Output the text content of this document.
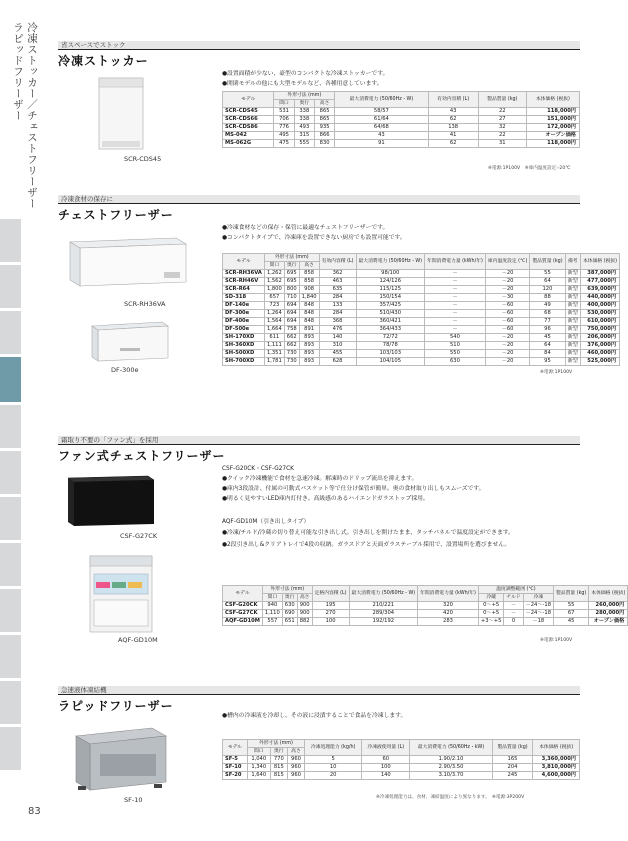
冷凍ストッカー／チェストフリーザー
ラピッドフリーザー
83
省スペースでストック
冷凍ストッカー
SCR-CDS45
●設置面積が少ない、豪型のコンパクトな冷凍ストッカーです。
●開閉モデルの他にも大型モデルなど、各種用意しています。
モデル	外形寸法 (mm)			最大消費電力 (50/60Hz・W)	有効内容積 (L)	製品質量 (kg)	本体価格 (税抜)
	間口	奥行	高さ				
SCR-CDS45	531	338	865	58/57	43	22	118,000円
SCR-CDS66	706	338	865	61/64	62	27	151,000円
SCR-CDS86	776	493	935	64/68	138	32	172,000円
MS-042	495	315	866	43	41	22	オープン価格
MS-062G	475	555	830	91	62	31	118,000円
※電源:1P100V　※庫内温度設定:-20℃
冷凍食材の保存に
チェストフリーザー
SCR-RH36VA
DF-300e
●冷凍食材などの保存・保管に最適なチェストフリーザーです。
●コンパクトタイプで、冷凍庫を設置できない厨房でも設置可能です。
モデル	外形寸法 (mm)			有効内容積 (L)	最大消費電力 (50/60Hz・W)	年間消費電力量 (kWh/年)	庫内温度設定 (℃)	製品質量 (kg)	備考	本体価格 (税抜)
	間口	奥行	高さ							
SCR-RH36VA	1,262	695	858	362	98/100	－	－20	55	新型	387,000円
SCR-RH46V	1,562	695	858	463	124/126	－	－20	64	新型	477,000円
SCR-R64	1,800	800	908	635	115/125	－	－20	120	新型	639,000円
SD-318	657	710	1,840	284	150/154	－	－30	88	新型	440,000円
DF-140e	723	694	848	133	357/425	－	－60	49	新型	400,000円
DF-300e	1,264	694	848	284	510/430	－	－60	68	新型	530,000円
DF-400e	1,564	694	848	368	360/421	－	－60	77	新型	610,000円
DF-500e	1,664	758	891	476	364/433	－	－60	96	新型	750,000円
SH-170XD	611	662	893	140	72/72	540	－20	45	新型	206,000円
SH-360XD	1,111	662	893	310	78/78	510	－20	64	新型	376,000円
SH-500XD	1,351	730	893	455	103/103	550	－20	84	新型	460,000円
SH-700XD	1,781	730	893	628	104/105	630	－20	95	新型	525,000円
※電源:1P100V
霜取り不要の「ファン式」を採用
ファン式チェストフリーザー
CSF-G27CK
AQF-GD10M
CSF-G20CK・CSF-G27CK
●クイック冷凍機能で食材を急速冷凍。解凍時のドリップ流出を抑えます。
●庫内3段設計、付属の可動式バスケット等で仕分け保管が簡単。奥の食材取り出しもスムーズです。
●明るく見やすいLED庫内灯付き。高級感のあるハイエンドガラストップ採用。
AQF-GD10M（引き出しタイプ）
●冷凍/チルド/冷蔵の切り替え可能な引き出し式。引き出しを開けたまま、タッチパネルで温度設定ができます。
●2段引き出し&クリアトレイで4段の収納。ガラスドアと天面ガラステーブル採用で、設置場所を選びません。
モデル	外形寸法 (mm)			定格内容積 (L)	最大消費電力 (50/60Hz・W)	年間消費電力量 (kWh/年)	温度調整範囲 (℃)			製品質量 (kg)	本体価格 (税抜)
	間口	奥行	高さ				冷蔵	チルド	冷凍		
CSF-G20CK	940	630	900	195	210/221	320	0～+5	－	－24～-18	55	260,000円
CSF-G27CK	1,110	690	900	270	289/304	420	0～+5	－	－24～-18	67	280,000円
AQF-GD10M	557	651	882	100	192/192	283	+3～+5	0	－18	45	オープン価格
※電源:1P100V
急速液体凍結機
ラピッドフリーザー
SF-10
●槽内の冷凍液を冷却し、その液に浸漬することで食品を冷凍します。
モデル	外形寸法 (mm)			冷凍処理能力 (kg/h)	冷凍液使用量 (L)	最大消費電力 (50/60Hz・kW)	製品質量 (kg)	本体価格 (税抜)
	間口	奥行	高さ					
SF-5	1,040	770	960	5	60	1.90/2.10	165	3,360,000円
SF-10	1,340	815	960	10	100	2.90/3.50	204	3,810,000円
SF-20	1,640	815	960	20	140	3.10/3.70	245	4,600,000円
※冷凍処理能力は、食材、凍結温度により異なります。　※電源:3P200V
